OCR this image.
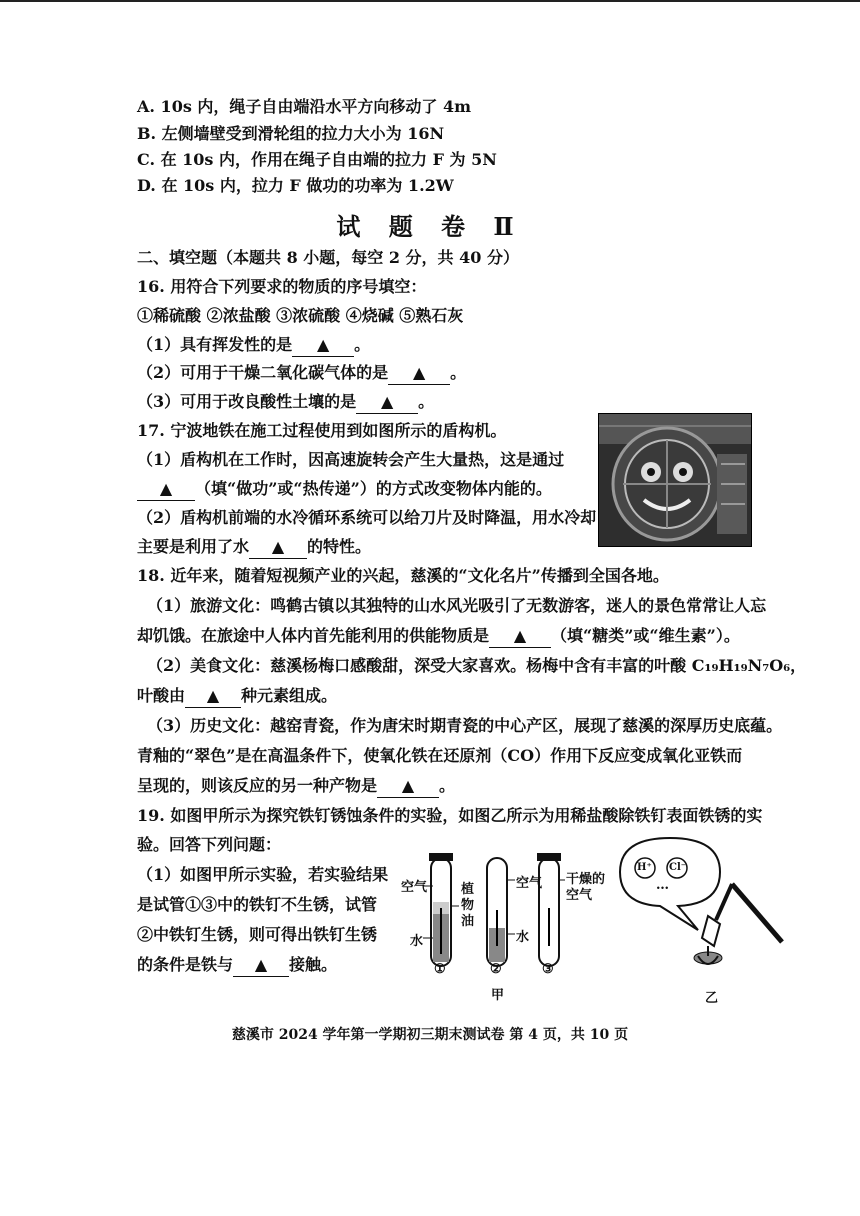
A. 10s 内，绳子自由端沿水平方向移动了 4m
B. 左侧墙壁受到滑轮组的拉力大小为 16N
C. 在 10s 内，作用在绳子自由端的拉力 F 为 5N
D. 在 10s 内，拉力 F 做功的功率为 1.2W
试 题 卷 Ⅱ
二、填空题（本题共 8 小题，每空 2 分，共 40 分）
16. 用符合下列要求的物质的序号填空：
①稀硫酸 ②浓盐酸 ③浓硫酸 ④烧碱 ⑤熟石灰
（1）具有挥发性的是 ▲ 。
（2）可用于干燥二氧化碳气体的是 ▲ 。
（3）可用于改良酸性土壤的是 ▲ 。
17. 宁波地铁在施工过程使用到如图所示的盾构机。
（1）盾构机在工作时，因高速旋转会产生大量热，这是通过
▲ （填“做功”或“热传递”）的方式改变物体内能的。
（2）盾构机前端的水冷循环系统可以给刀片及时降温，用水冷却
主要是利用了水 ▲ 的特性。
18. 近年来，随着短视频产业的兴起，慈溪的“文化名片”传播到全国各地。
（1）旅游文化：鸣鹤古镇以其独特的山水风光吸引了无数游客，迷人的景色常常让人忘
却饥饿。在旅途中人体内首先能利用的供能物质是 ▲ （填“糖类”或“维生素”）。
（2）美食文化：慈溪杨梅口感酸甜，深受大家喜欢。杨梅中含有丰富的叶酸 C₁₉H₁₉N₇O₆，
叶酸由 ▲ 种元素组成。
（3）历史文化：越窑青瓷，作为唐宋时期青瓷的中心产区，展现了慈溪的深厚历史底蕴。
青釉的“翠色”是在高温条件下，使氧化铁在还原剂（CO）作用下反应变成氧化亚铁而
呈现的，则该反应的另一种产物是 ▲ 。
19. 如图甲所示为探究铁钉锈蚀条件的实验，如图乙所示为用稀盐酸除铁钉表面铁锈的实
验。回答下列问题：
（1）如图甲所示实验，若实验结果
是试管①③中的铁钉不生锈，试管
②中铁钉生锈，则可得出铁钉生锈
的条件是铁与 ▲ 接触。
空气	植物油
水
空气
水
干燥的空气
①	②	③
甲
H⁺ Cl⁻
…
乙
慈溪市 2024 学年第一学期初三期末测试卷 第 4 页，共 10 页
